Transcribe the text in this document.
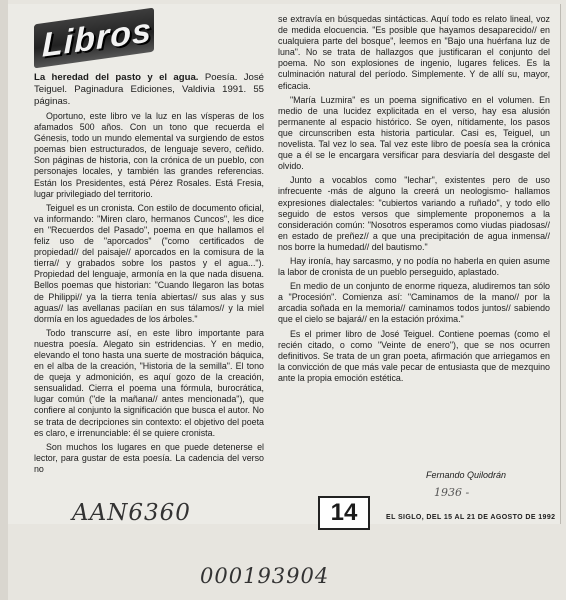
Libros

La heredad del pasto y el agua. Poesía. José Teiguel. Paginadura Ediciones, Valdivia 1991. 55 páginas.

Oportuno, este libro ve la luz en las vísperas de los afamados 500 años. Con un tono que recuerda el Génesis, todo un mundo elemental va surgiendo de estos poemas bien estructurados, de lenguaje severo, ceñido. Son páginas de historia, con la crónica de un pueblo, con personajes locales, y también las grandes referencias. Están los Presidentes, está Pérez Rosales. Está Fresia, lugar privilegiado del territorio.

Teiguel es un cronista. Con estilo de documento oficial, va informando: "Miren claro, hermanos Cuncos", les dice en "Recuerdos del Pasado", poema en que hallamos el feliz uso de "aporcados" ("como certificados de propiedad// del paisaje// aporcados en la comisura de la tierra// y grabados sobre los pastos y el agua..."). Propiedad del lenguaje, armonía en la que nada disuena. Bellos poemas que historian: "Cuando llegaron las botas de Philippi// ya la tierra tenía abiertas// sus alas y sus aguas// las avellanas paciían en sus tálamos// y la miel dormía en los aguedades de los árboles."

Todo transcurre así, en este libro importante para nuestra poesía. Alegato sin estridencias. Y en medio, elevando el tono hasta una suerte de mostración báquica, en el alba de la creación, "Historia de la semilla". El tono de queja y admonición, es aquí gozo de la creación, sensualidad. Cierra el poema una fórmula, burocrática, lugar común ("de la mañana// antes mencionada"), que confiere al conjunto la significación que busca el autor. No se trata de decripciones sin contexto: el objetivo del poeta es claro, e irrenunciable: él se quiere cronista.

Son muchos los lugares en que puede detenerse el lector, para gustar de esta poesía. La cadencia del verso no

se extravía en búsquedas sintácticas. Aquí todo es relato lineal, voz de medida elocuencia. "Es posible que hayamos desaparecido// en cualquiera parte del bosque", leemos en "Bajo una huérfana luz de luna". No se trata de hallazgos que justificaran el conjunto del poema. No son explosiones de ingenio, lugares felices. Es la culminación natural del período. Simplemente. Y de allí su, mayor, eficacia.

"María Luzmira" es un poema significativo en el volumen. En medio de una lucidez explicitada en el verso, hay esa alusión permanente al espacio histórico. Se oyen, nítidamente, los pasos que circunscriben esta historia particular. Casi es, Teiguel, un novelista. Tal vez lo sea. Tal vez este libro de poesía sea la crónica que a él se le encargara versificar para desviaría del desgaste del olvido.

Junto a vocablos como "lechar", existentes pero de uso infrecuente -más de alguno la creerá un neologismo- hallamos expresiones dialectales: "cubiertos variando a ruñado", y todo ello seguido de estos versos que simplemente proponemos a la consideración común: "Nosotros esperamos como viudas piadosas// en estado de preñez// a que una precipitación de agua inmensa// nos borre la humedad// del bautismo."

Hay ironía, hay sarcasmo, y no podía no haberla en quien asume la labor de cronista de un pueblo perseguido, aplastado.

En medio de un conjunto de enorme riqueza, aludiremos tan sólo a "Procesión". Comienza así: "Caminamos de la mano// por la arcadia soñada en la memoria// caminamos todos juntos// sabiendo que el cielo se bajará// en la estación próxima."

Es el primer libro de José Teiguel. Contiene poemas (como el recién citado, o como "Veinte de enero"), que se nos ocurren definitivos. Se trata de un gran poeta, afirmación que arriegamos en la convicción de que más vale pecar de entusiasta que de mezquino ante la propia emoción estética.

Fernando Quilodrán
AAN6360
1936 -
14	EL SIGLO, DEL 15 AL 21 DE AGOSTO DE 1992
000193904
